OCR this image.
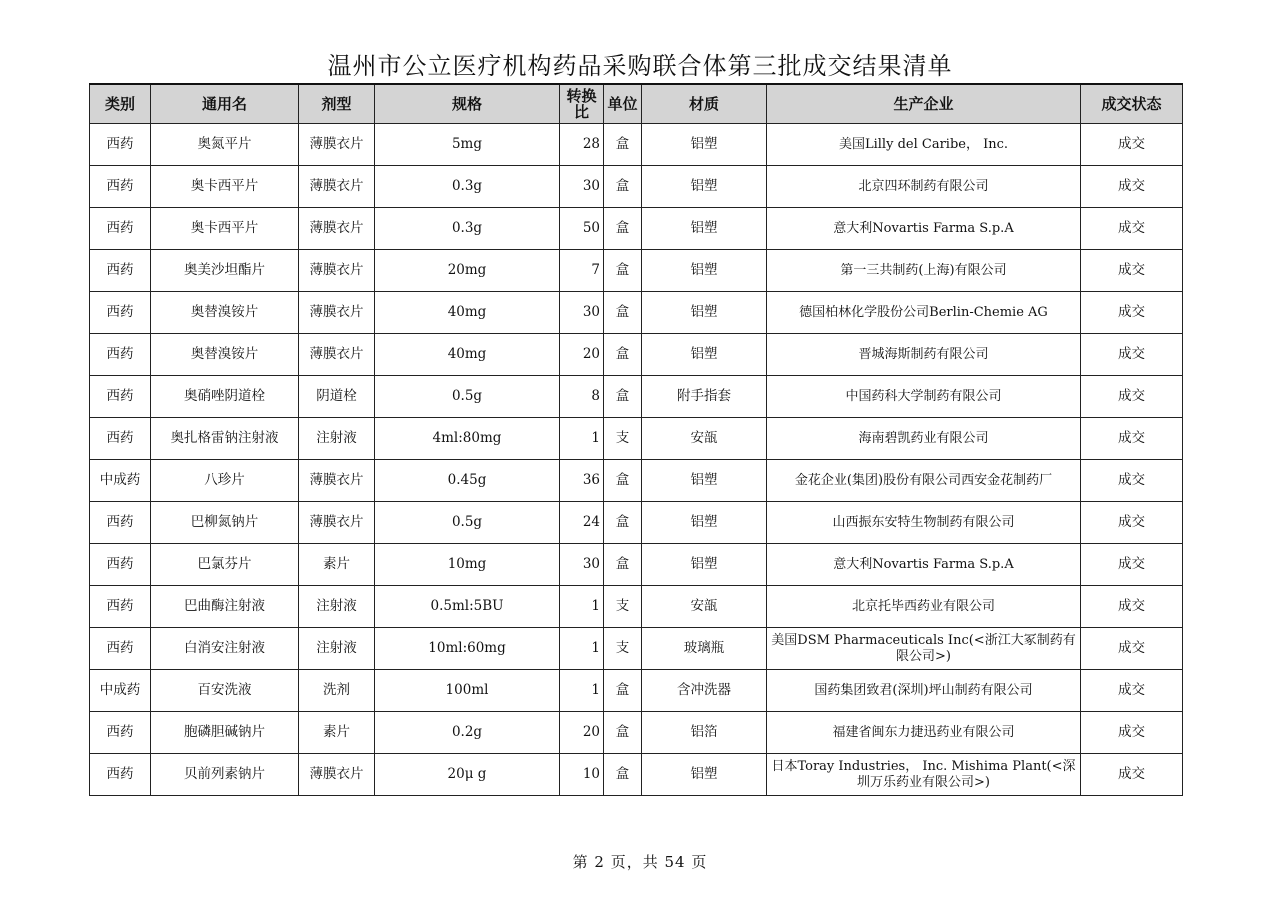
温州市公立医疗机构药品采购联合体第三批成交结果清单
类别	通用名	剂型	规格	转换比	单位	材质	生产企业	成交状态
西药	奥氮平片	薄膜衣片	5mg	28	盒	铝塑	美国Lilly del Caribe， Inc.	成交
西药	奥卡西平片	薄膜衣片	0.3g	30	盒	铝塑	北京四环制药有限公司	成交
西药	奥卡西平片	薄膜衣片	0.3g	50	盒	铝塑	意大利Novartis Farma S.p.A	成交
西药	奥美沙坦酯片	薄膜衣片	20mg	7	盒	铝塑	第一三共制药(上海)有限公司	成交
西药	奥替溴铵片	薄膜衣片	40mg	30	盒	铝塑	德国柏林化学股份公司Berlin-Chemie AG	成交
西药	奥替溴铵片	薄膜衣片	40mg	20	盒	铝塑	晋城海斯制药有限公司	成交
西药	奥硝唑阴道栓	阴道栓	0.5g	8	盒	附手指套	中国药科大学制药有限公司	成交
西药	奥扎格雷钠注射液	注射液	4ml:80mg	1	支	安瓿	海南碧凯药业有限公司	成交
中成药	八珍片	薄膜衣片	0.45g	36	盒	铝塑	金花企业(集团)股份有限公司西安金花制药厂	成交
西药	巴柳氮钠片	薄膜衣片	0.5g	24	盒	铝塑	山西振东安特生物制药有限公司	成交
西药	巴氯芬片	素片	10mg	30	盒	铝塑	意大利Novartis Farma S.p.A	成交
西药	巴曲酶注射液	注射液	0.5ml:5BU	1	支	安瓿	北京托毕西药业有限公司	成交
西药	白消安注射液	注射液	10ml:60mg	1	支	玻璃瓶	美国DSM Pharmaceuticals Inc(<浙江大冢制药有限公司>)	成交
中成药	百安洗液	洗剂	100ml	1	盒	含冲洗器	国药集团致君(深圳)坪山制药有限公司	成交
西药	胞磷胆碱钠片	素片	0.2g	20	盒	铝箔	福建省闽东力捷迅药业有限公司	成交
西药	贝前列素钠片	薄膜衣片	20μ g	10	盒	铝塑	日本Toray Industries， Inc. Mishima Plant(<深圳万乐药业有限公司>)	成交
第 2 页，共 54 页
